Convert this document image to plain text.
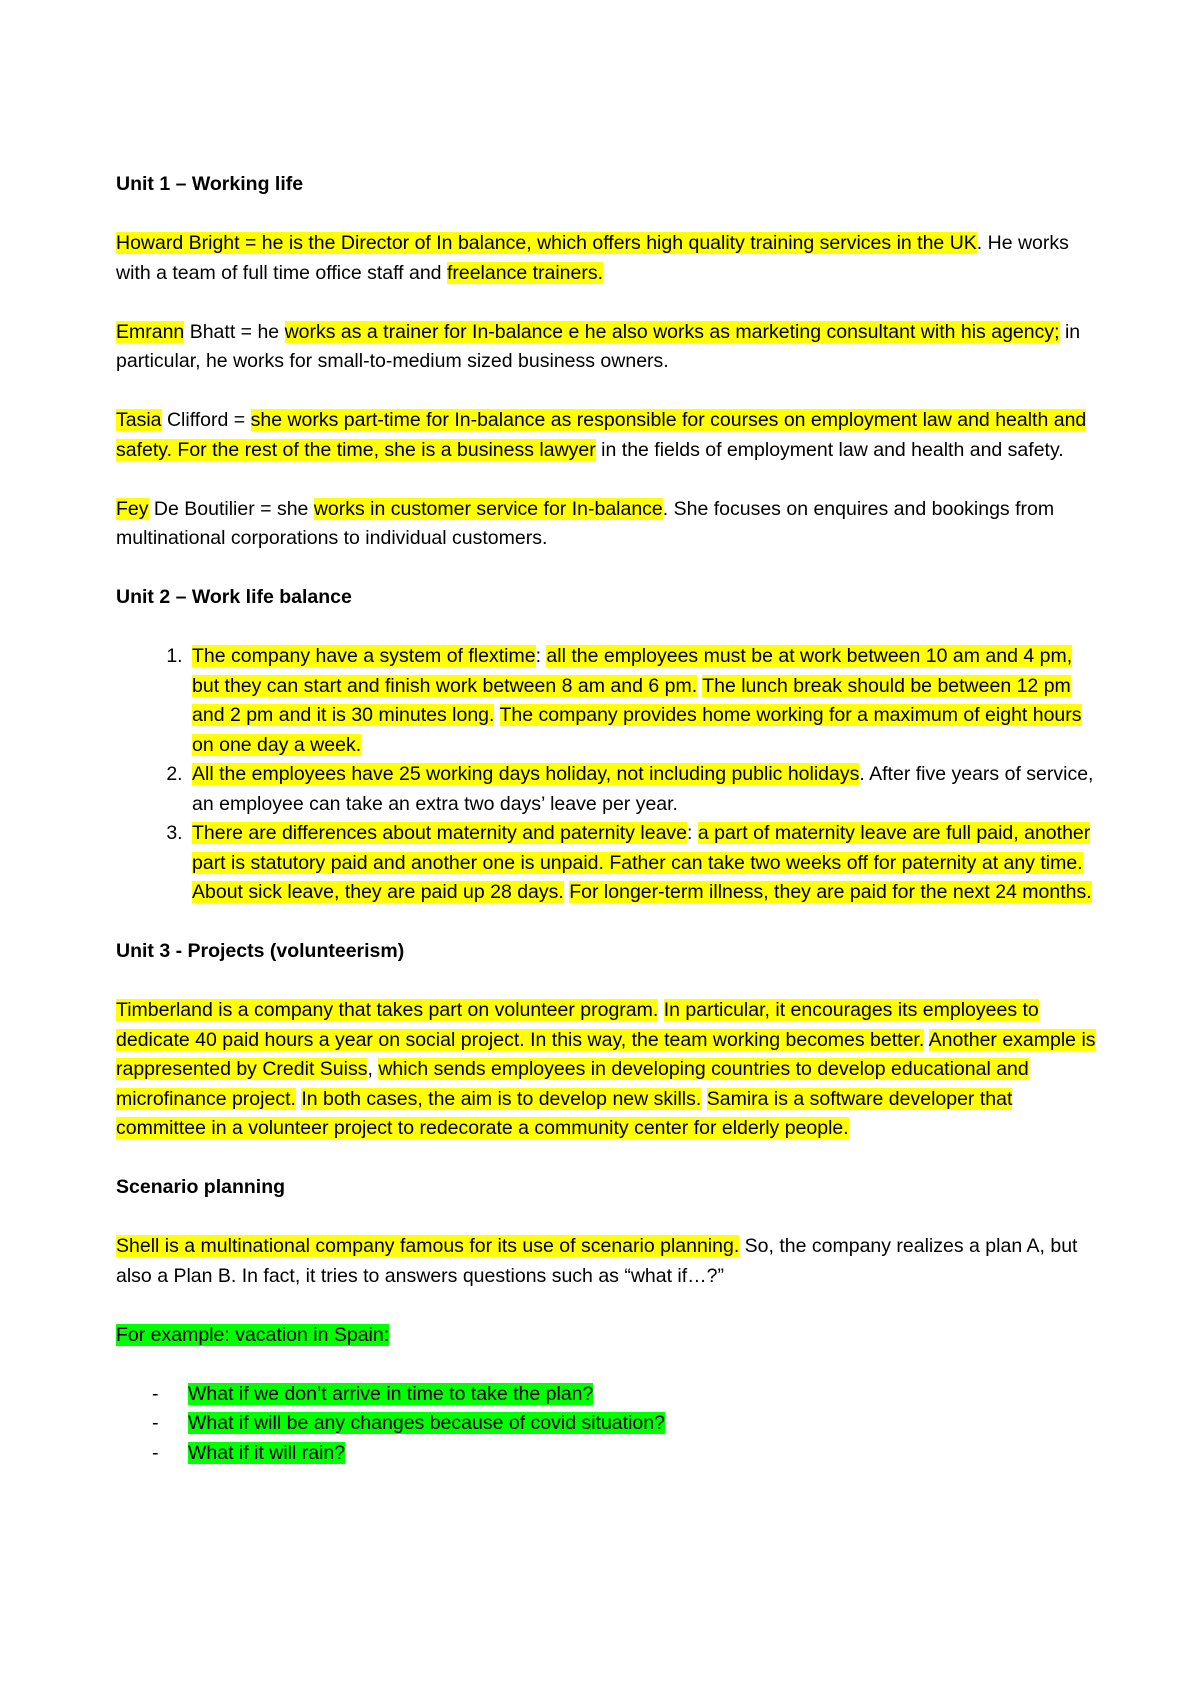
Unit 1 – Working life

Howard Bright = he is the Director of In balance, which offers high quality training services in the UK. He works with a team of full time office staff and freelance trainers.

Emrann Bhatt = he works as a trainer for In-balance e he also works as marketing consultant with his agency; in particular, he works for small-to-medium sized business owners.

Tasia Clifford = she works part-time for In-balance as responsible for courses on employment law and health and safety. For the rest of the time, she is a business lawyer in the fields of employment law and health and safety.

Fey De Boutilier = she works in customer service for In-balance. She focuses on enquires and bookings from multinational corporations to individual customers.

Unit 2 – Work life balance
1. The company have a system of flextime: all the employees must be at work between 10 am and 4 pm, but they can start and finish work between 8 am and 6 pm. The lunch break should be between 12 pm and 2 pm and it is 30 minutes long. The company provides home working for a maximum of eight hours on one day a week.
2. All the employees have 25 working days holiday, not including public holidays. After five years of service, an employee can take an extra two days’ leave per year.
3. There are differences about maternity and paternity leave: a part of maternity leave are full paid, another part is statutory paid and another one is unpaid. Father can take two weeks off for paternity at any time. About sick leave, they are paid up 28 days. For longer-term illness, they are paid for the next 24 months.
Unit 3 - Projects (volunteerism)

Timberland is a company that takes part on volunteer program. In particular, it encourages its employees to dedicate 40 paid hours a year on social project. In this way, the team working becomes better. Another example is rappresented by Credit Suiss, which sends employees in developing countries to develop educational and microfinance project. In both cases, the aim is to develop new skills. Samira is a software developer that committee in a volunteer project to redecorate a community center for elderly people.

Scenario planning

Shell is a multinational company famous for its use of scenario planning. So, the company realizes a plan A, but also a Plan B. In fact, it tries to answers questions such as “what if…?”

For example: vacation in Spain:

- What if we don’t arrive in time to take the plan?
- What if will be any changes because of covid situation?
- What if it will rain?
